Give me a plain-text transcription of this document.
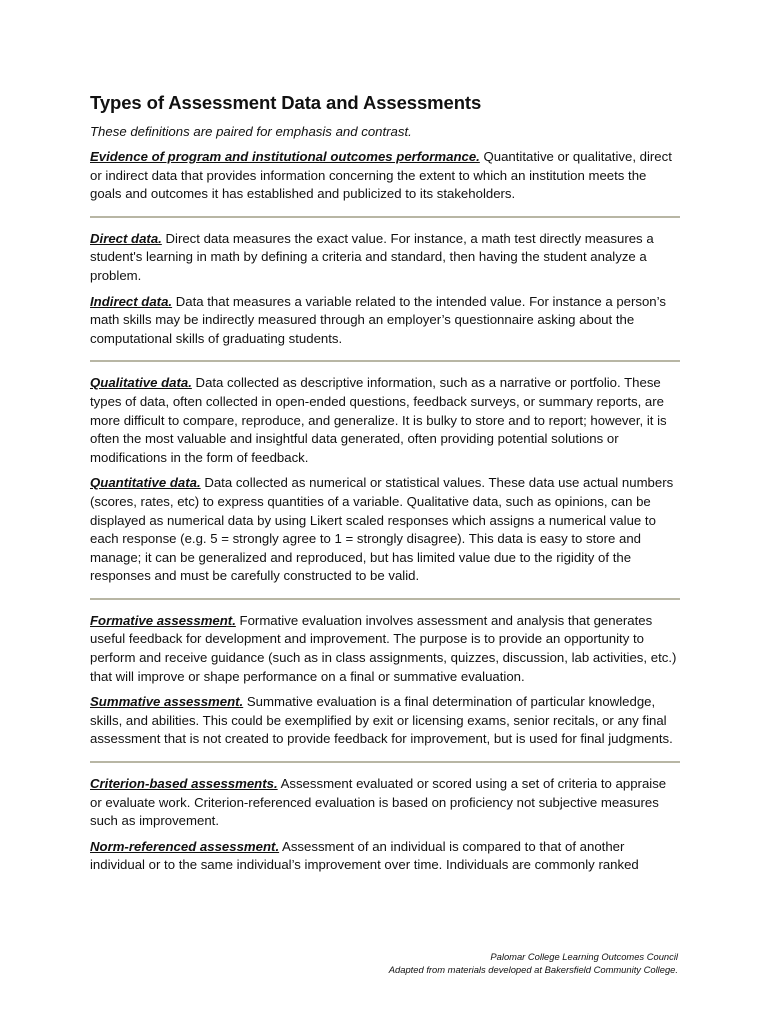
Types of Assessment Data and Assessments

These definitions are paired for emphasis and contrast.

Evidence of program and institutional outcomes performance. Quantitative or qualitative, direct or indirect data that provides information concerning the extent to which an institution meets the goals and outcomes it has established and publicized to its stakeholders.

Direct data. Direct data measures the exact value. For instance, a math test directly measures a student's learning in math by defining a criteria and standard, then having the student analyze a problem.

Indirect data. Data that measures a variable related to the intended value. For instance a person’s math skills may be indirectly measured through an employer’s questionnaire asking about the computational skills of graduating students.

Qualitative data. Data collected as descriptive information, such as a narrative or portfolio. These types of data, often collected in open-ended questions, feedback surveys, or summary reports, are more difficult to compare, reproduce, and generalize. It is bulky to store and to report; however, it is often the most valuable and insightful data generated, often providing potential solutions or modifications in the form of feedback.

Quantitative data. Data collected as numerical or statistical values. These data use actual numbers (scores, rates, etc) to express quantities of a variable. Qualitative data, such as opinions, can be displayed as numerical data by using Likert scaled responses which assigns a numerical value to each response (e.g. 5 = strongly agree to 1 = strongly disagree). This data is easy to store and manage; it can be generalized and reproduced, but has limited value due to the rigidity of the responses and must be carefully constructed to be valid.

Formative assessment. Formative evaluation involves assessment and analysis that generates useful feedback for development and improvement. The purpose is to provide an opportunity to perform and receive guidance (such as in class assignments, quizzes, discussion, lab activities, etc.) that will improve or shape performance on a final or summative evaluation.

Summative assessment. Summative evaluation is a final determination of particular knowledge, skills, and abilities. This could be exemplified by exit or licensing exams, senior recitals, or any final assessment that is not created to provide feedback for improvement, but is used for final judgments.

Criterion-based assessments. Assessment evaluated or scored using a set of criteria to appraise or evaluate work. Criterion-referenced evaluation is based on proficiency not subjective measures such as improvement.

Norm-referenced assessment. Assessment of an individual is compared to that of another individual or to the same individual’s improvement over time. Individuals are commonly ranked

Palomar College Learning Outcomes Council
Adapted from materials developed at Bakersfield Community College.
